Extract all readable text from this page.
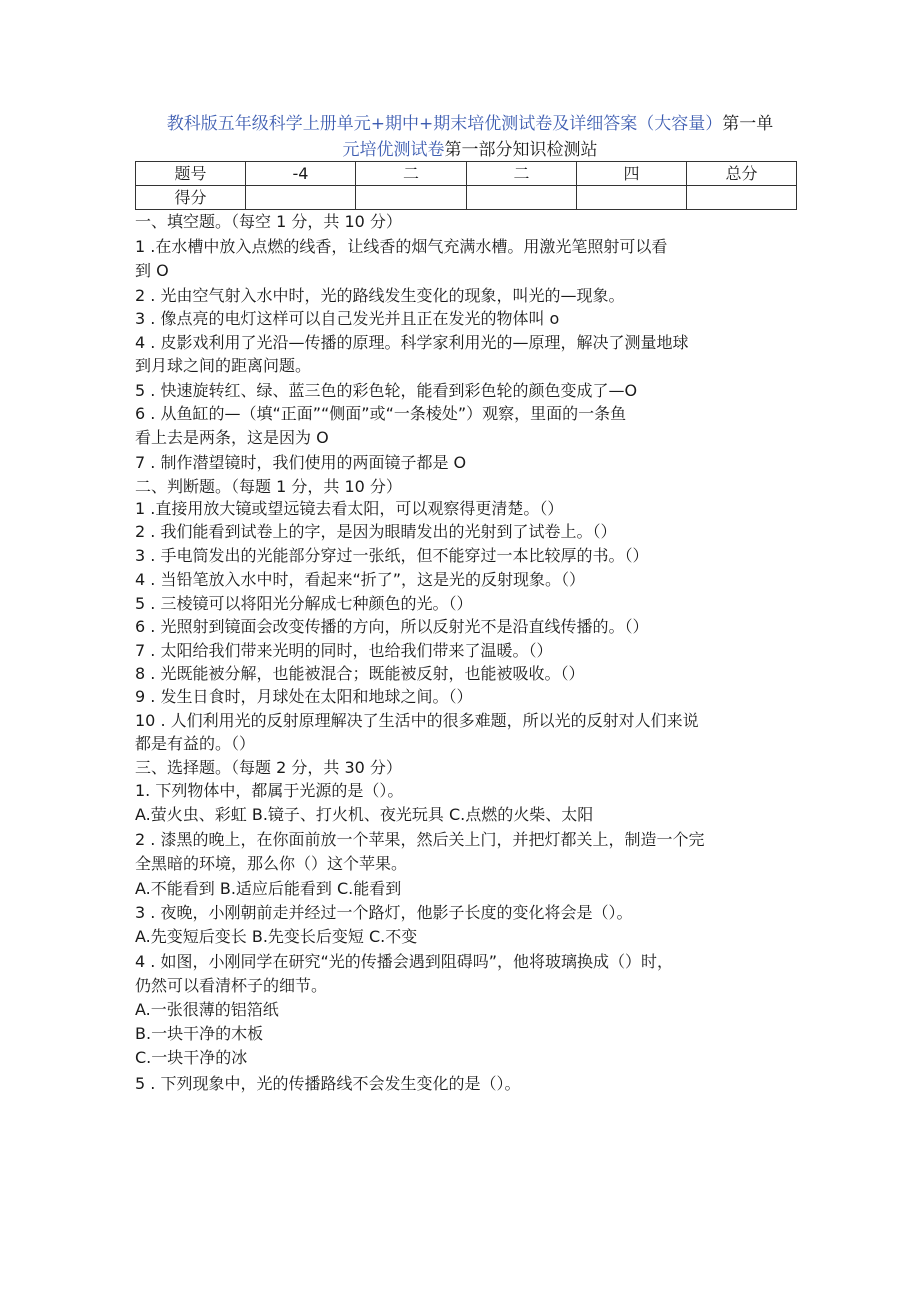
教科版五年级科学上册单元+期中+期末培优测试卷及详细答案（大容量）第一单
元培优测试卷第一部分知识检测站
题号	-4	二	二	四	总分
得分					
一、填空题。（每空 1 分，共 10 分）
1 .在水槽中放入点燃的线香，让线香的烟气充满水槽。用激光笔照射可以看
到 O
2 . 光由空气射入水中时，光的路线发生变化的现象，叫光的—现象。
3 . 像点亮的电灯这样可以自己发光并且正在发光的物体叫 o
4 . 皮影戏利用了光沿—传播的原理。科学家利用光的—原理，解决了测量地球
到月球之间的距离问题。
5 . 快速旋转红、绿、蓝三色的彩色轮，能看到彩色轮的颜色变成了—O
6 . 从鱼缸的—（填“正面”“侧面”或“一条棱处”）观察，里面的一条鱼
看上去是两条，这是因为 O
7 . 制作潜望镜时，我们使用的两面镜子都是 O
二、判断题。（每题 1 分，共 10 分）
1 .直接用放大镜或望远镜去看太阳，可以观察得更清楚。（）
2 . 我们能看到试卷上的字，是因为眼睛发出的光射到了试卷上。（）
3 . 手电筒发出的光能部分穿过一张纸，但不能穿过一本比较厚的书。（）
4 . 当铅笔放入水中时，看起来“折了”，这是光的反射现象。（）
5 . 三棱镜可以将阳光分解成七种颜色的光。（）
6 . 光照射到镜面会改变传播的方向，所以反射光不是沿直线传播的。（）
7 . 太阳给我们带来光明的同时，也给我们带来了温暖。（）
8 . 光既能被分解，也能被混合；既能被反射，也能被吸收。（）
9 . 发生日食时，月球处在太阳和地球之间。（）
10 . 人们利用光的反射原理解决了生活中的很多难题，所以光的反射对人们来说
都是有益的。（）
三、选择题。（每题 2 分，共 30 分）
1. 下列物体中，都属于光源的是（）。
A.萤火虫、彩虹 B.镜子、打火机、夜光玩具 C.点燃的火柴、太阳
2 . 漆黑的晚上，在你面前放一个苹果，然后关上门，并把灯都关上，制造一个完
全黑暗的环境，那么你（）这个苹果。
A.不能看到 B.适应后能看到 C.能看到
3 . 夜晚，小刚朝前走并经过一个路灯，他影子长度的变化将会是（）。
A.先变短后变长 B.先变长后变短 C.不变
4 . 如图，小刚同学在研究“光的传播会遇到阻碍吗”，他将玻璃换成（）时，
仍然可以看清杯子的细节。
A.一张很薄的铝箔纸
B.一块干净的木板
C.一块干净的冰
5 . 下列现象中，光的传播路线不会发生变化的是（）。
